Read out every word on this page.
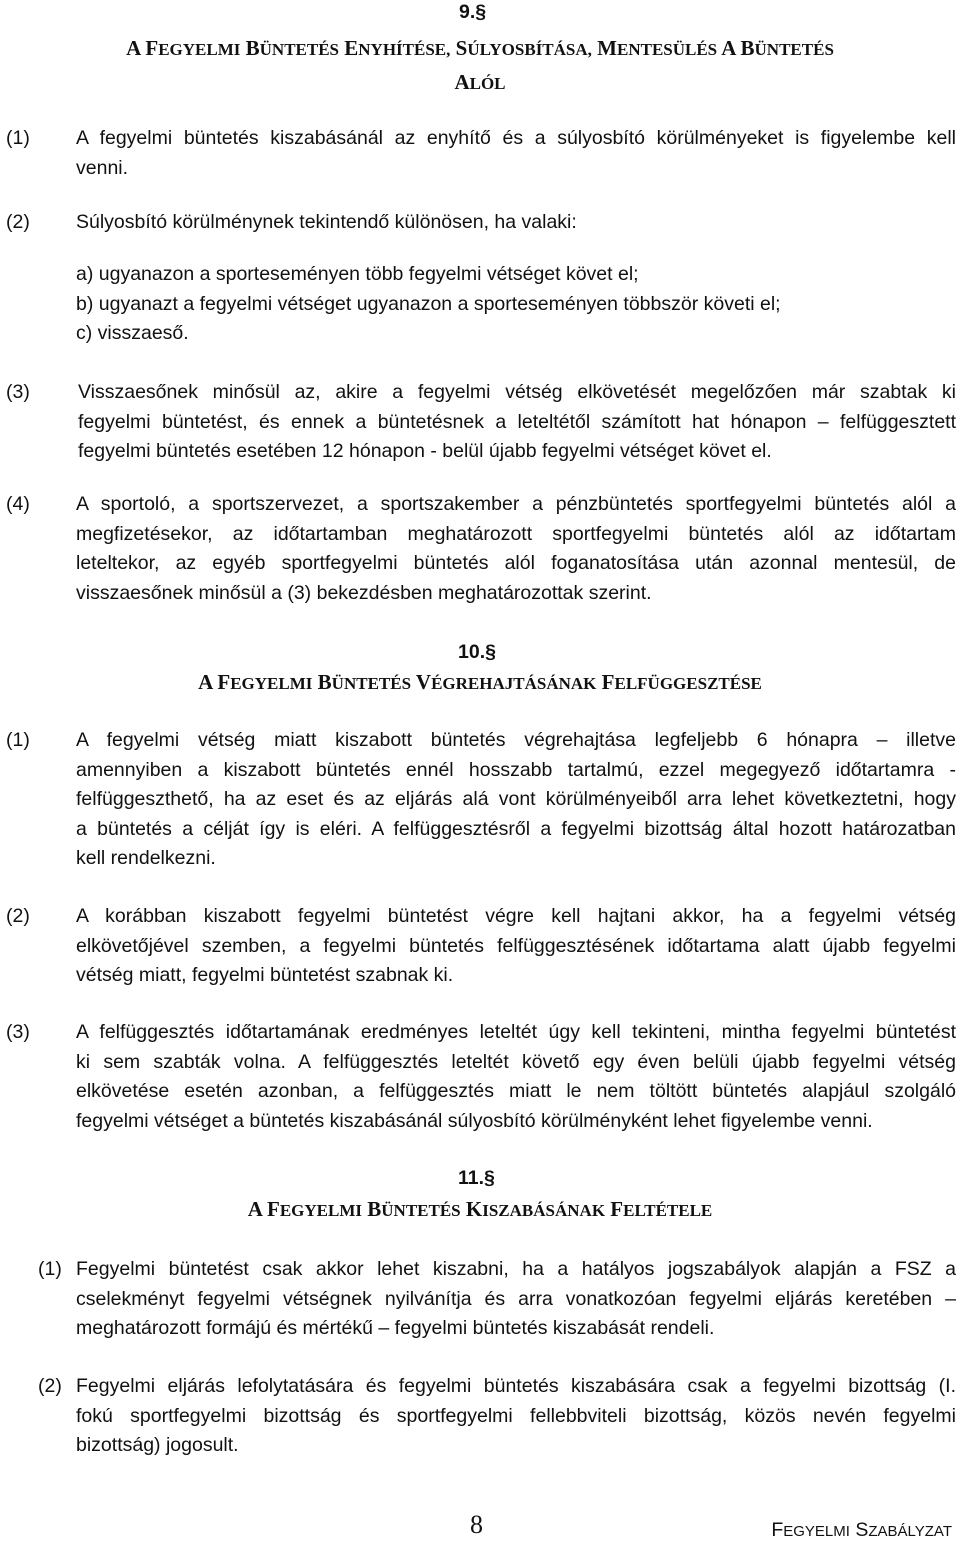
9.§
A FEGYELMI BÜNTETÉS ENYHÍTÉSE, SÚLYOSBÍTÁSA, MENTESÜLÉS A BÜNTETÉS
ALÓL
(1) A fegyelmi büntetés kiszabásánál az enyhítő és a súlyosbító körülményeket is figyelembe kell
venni.
(2) Súlyosbító körülménynek tekintendő különösen, ha valaki:
a) ugyanazon a sporteseményen több fegyelmi vétséget követ el;
b) ugyanazt a fegyelmi vétséget ugyanazon a sporteseményen többször követi el;
c) visszaeső.
(3) Visszaesőnek minősül az, akire a fegyelmi vétség elkövetését megelőzően már szabtak ki
fegyelmi büntetést, és ennek a büntetésnek a leteltétől számított hat hónapon – felfüggesztett
fegyelmi büntetés esetében 12 hónapon - belül újabb fegyelmi vétséget követ el.
(4) A sportoló, a sportszervezet, a sportszakember a pénzbüntetés sportfegyelmi büntetés alól a
megfizetésekor, az időtartamban meghatározott sportfegyelmi büntetés alól az időtartam
leteltekor, az egyéb sportfegyelmi büntetés alól foganatosítása után azonnal mentesül, de
visszaesőnek minősül a (3) bekezdésben meghatározottak szerint.
10.§
A FEGYELMI BÜNTETÉS VÉGREHAJTÁSÁNAK FELFÜGGESZTÉSE
(1) A fegyelmi vétség miatt kiszabott büntetés végrehajtása legfeljebb 6 hónapra – illetve
amennyiben a kiszabott büntetés ennél hosszabb tartalmú, ezzel megegyező időtartamra -
felfüggeszthető, ha az eset és az eljárás alá vont körülményeiből arra lehet következtetni, hogy
a büntetés a célját így is eléri. A felfüggesztésről a fegyelmi bizottság által hozott határozatban
kell rendelkezni.
(2) A korábban kiszabott fegyelmi büntetést végre kell hajtani akkor, ha a fegyelmi vétség
elkövetőjével szemben, a fegyelmi büntetés felfüggesztésének időtartama alatt újabb fegyelmi
vétség miatt, fegyelmi büntetést szabnak ki.
(3) A felfüggesztés időtartamának eredményes leteltét úgy kell tekinteni, mintha fegyelmi büntetést
ki sem szabták volna. A felfüggesztés leteltét követő egy éven belüli újabb fegyelmi vétség
elkövetése esetén azonban, a felfüggesztés miatt le nem töltött büntetés alapjául szolgáló
fegyelmi vétséget a büntetés kiszabásánál súlyosbító körülményként lehet figyelembe venni.
11.§
A FEGYELMI BÜNTETÉS KISZABÁSÁNAK FELTÉTELE
(1) Fegyelmi büntetést csak akkor lehet kiszabni, ha a hatályos jogszabályok alapján a FSZ a
cselekményt fegyelmi vétségnek nyilvánítja és arra vonatkozóan fegyelmi eljárás keretében –
meghatározott formájú és mértékű – fegyelmi büntetés kiszabását rendeli.
(2) Fegyelmi eljárás lefolytatására és fegyelmi büntetés kiszabására csak a fegyelmi bizottság (I.
fokú sportfegyelmi bizottság és sportfegyelmi fellebbviteli bizottság, közös nevén fegyelmi
bizottság) jogosult.
8	FEGYELMI SZABÁLYZAT
